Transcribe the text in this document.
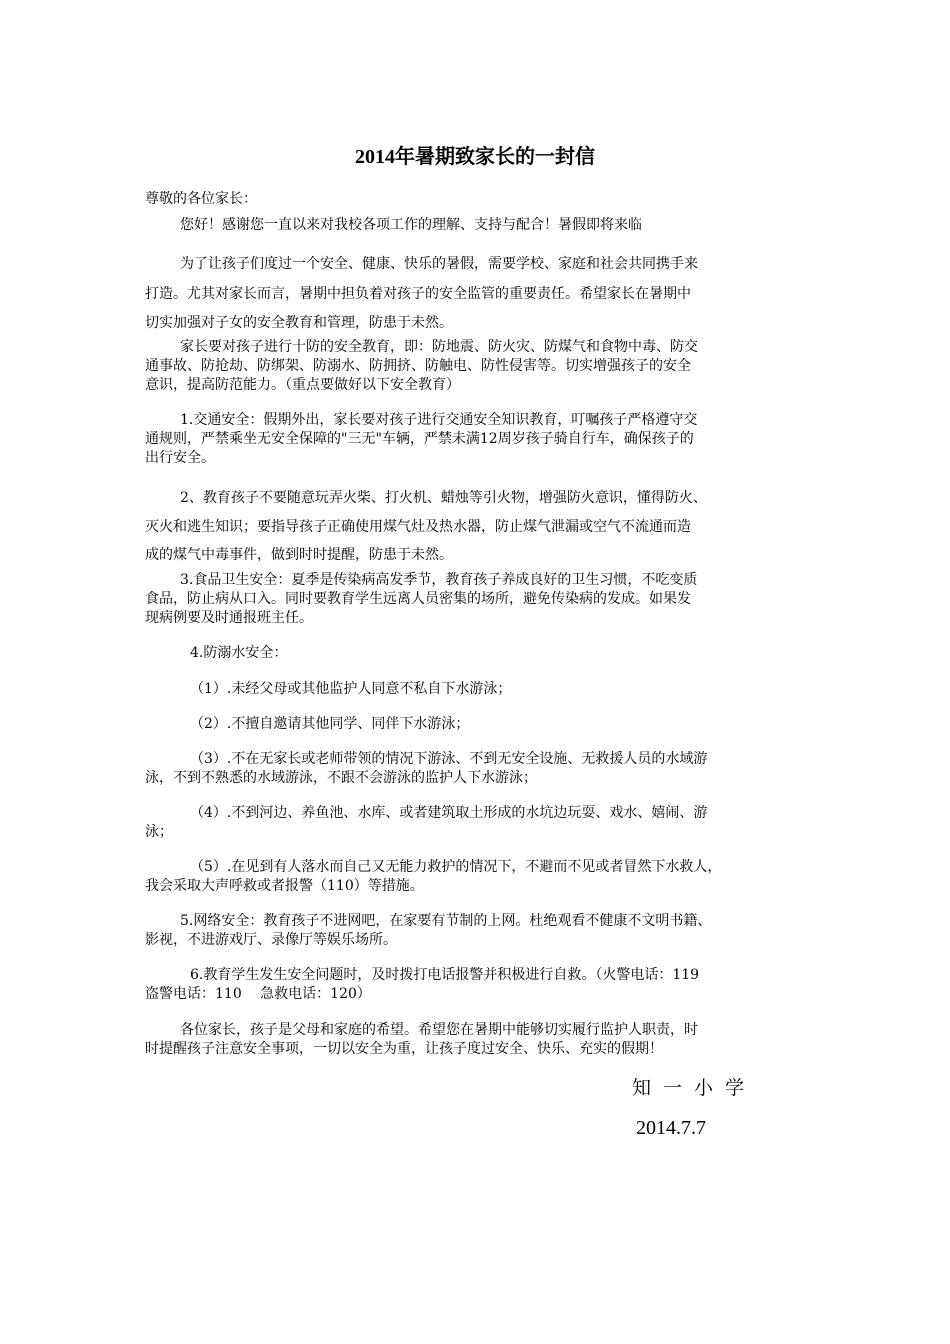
2014年暑期致家长的一封信
尊敬的各位家长：
您好！感谢您一直以来对我校各项工作的理解、支持与配合！暑假即将来临
为了让孩子们度过一个安全、健康、快乐的暑假，需要学校、家庭和社会共同携手来
打造。尤其对家长而言，暑期中担负着对孩子的安全监管的重要责任。希望家长在暑期中
切实加强对子女的安全教育和管理，防患于未然。
家长要对孩子进行十防的安全教育，即：防地震、防火灾、防煤气和食物中毒、防交
通事故、防抢劫、防绑架、防溺水、防拥挤、防触电、防性侵害等。切实增强孩子的安全
意识，提高防范能力。（重点要做好以下安全教育）
1.交通安全：假期外出，家长要对孩子进行交通安全知识教育，叮嘱孩子严格遵守交
通规则，严禁乘坐无安全保障的"三无"车辆，严禁未满12周岁孩子骑自行车，确保孩子的
出行安全。
2、教育孩子不要随意玩弄火柴、打火机、蜡烛等引火物，增强防火意识，懂得防火、
灭火和逃生知识；要指导孩子正确使用煤气灶及热水器，防止煤气泄漏或空气不流通而造
成的煤气中毒事件，做到时时提醒，防患于未然。
3.食品卫生安全：夏季是传染病高发季节，教育孩子养成良好的卫生习惯，不吃变质
食品，防止病从口入。同时要教育学生远离人员密集的场所，避免传染病的发成。如果发
现病例要及时通报班主任。
4.防溺水安全：
（1）.未经父母或其他监护人同意不私自下水游泳；
（2）.不擅自邀请其他同学、同伴下水游泳；
（3）.不在无家长或老师带领的情况下游泳、不到无安全设施、无救援人员的水域游
泳，不到不熟悉的水域游泳，不跟不会游泳的监护人下水游泳；
（4）.不到河边、养鱼池、水库、或者建筑取土形成的水坑边玩耍、戏水、嬉闹、游
泳；
（5）.在见到有人落水而自己又无能力救护的情况下，不避而不见或者冒然下水救人，
我会采取大声呼救或者报警（110）等措施。
5.网络安全：教育孩子不进网吧，在家要有节制的上网。杜绝观看不健康不文明书籍、
影视，不进游戏厅、录像厅等娱乐场所。
6.教育学生发生安全问题时，及时拨打电话报警并积极进行自救。（火警电话：119
盗警电话：110　 急救电话：120）
各位家长，孩子是父母和家庭的希望。希望您在暑期中能够切实履行监护人职责，时
时提醒孩子注意安全事项，一切以安全为重，让孩子度过安全、快乐、充实的假期！
知一小学
2014.7.7
